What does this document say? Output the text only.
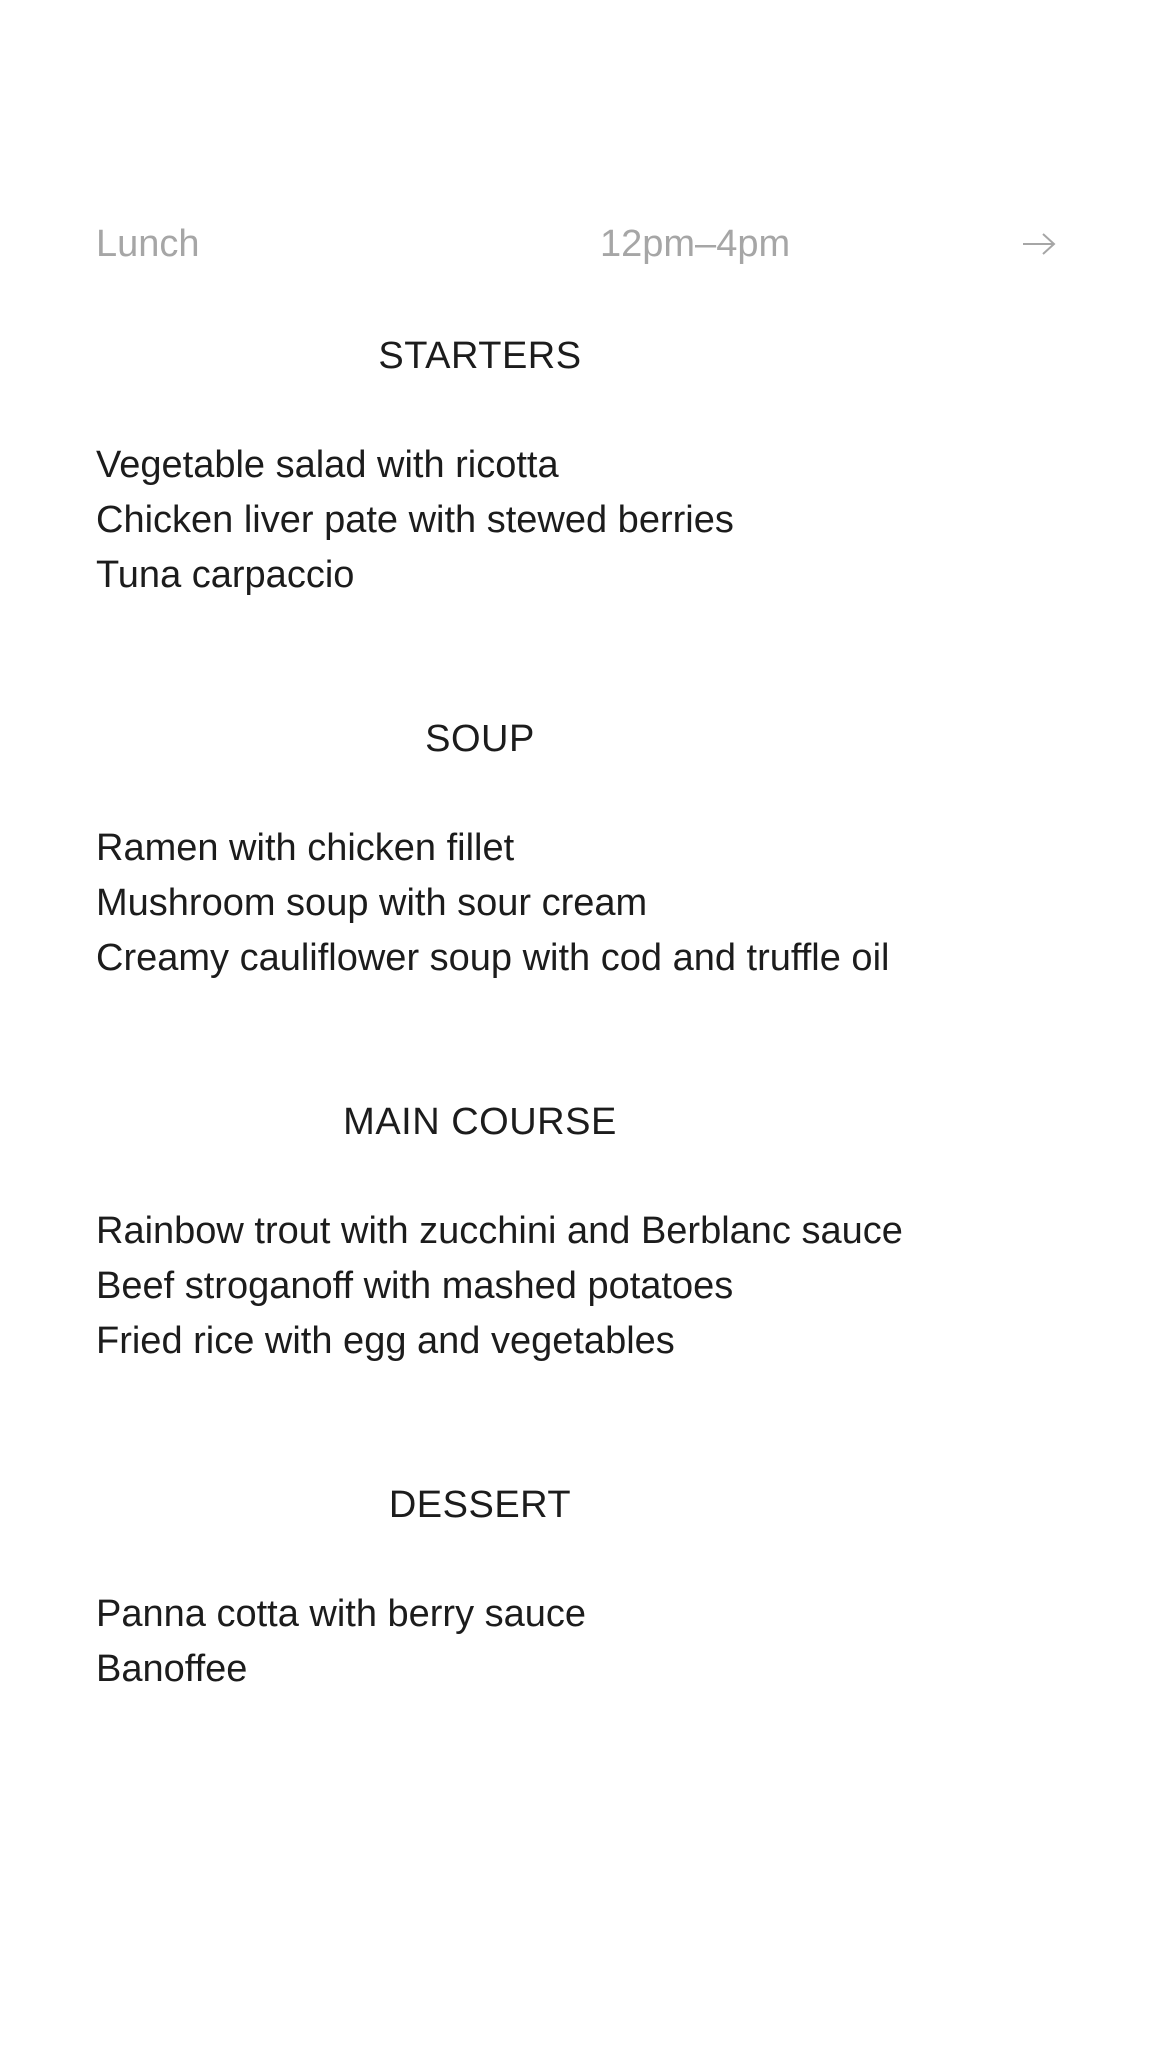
Lunch	12pm–4pm
STARTERS
Vegetable salad with ricotta
Chicken liver pate with stewed berries
Tuna carpaccio
SOUP
Ramen with chicken fillet
Mushroom soup with sour cream
Creamy cauliflower soup with cod and truffle oil
MAIN COURSE
Rainbow trout with zucchini and Berblanc sauce
Beef stroganoff with mashed potatoes
Fried rice with egg and vegetables
DESSERT
Panna cotta with berry sauce
Banoffee
